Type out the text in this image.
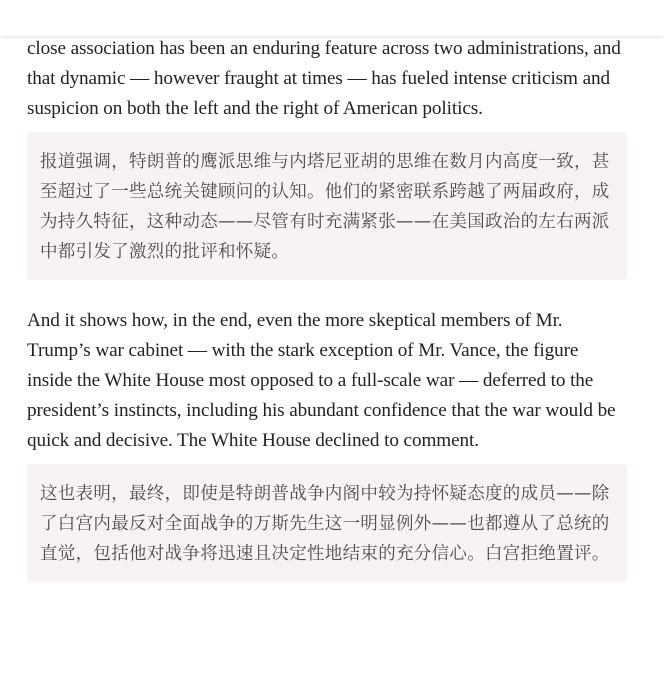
close association has been an enduring feature across two administrations, and that dynamic — however fraught at times — has fueled intense criticism and suspicion on both the left and the right of American politics.

报道强调，特朗普的鹰派思维与内塔尼亚胡的思维在数月内高度一致，甚至超过了一些总统关键顾问的认知。他们的紧密联系跨越了两届政府，成为持久特征，这种动态——尽管有时充满紧张——在美国政治的左右两派中都引发了激烈的批评和怀疑。

And it shows how, in the end, even the more skeptical members of Mr. Trump’s war cabinet — with the stark exception of Mr. Vance, the figure inside the White House most opposed to a full-scale war — deferred to the president’s instincts, including his abundant confidence that the war would be quick and decisive. The White House declined to comment.

这也表明，最终，即使是特朗普战争内阁中较为持怀疑态度的成员——除了白宫内最反对全面战争的万斯先生这一明显例外——也都遵从了总统的直觉，包括他对战争将迅速且决定性地结束的充分信心。白宫拒绝置评。
